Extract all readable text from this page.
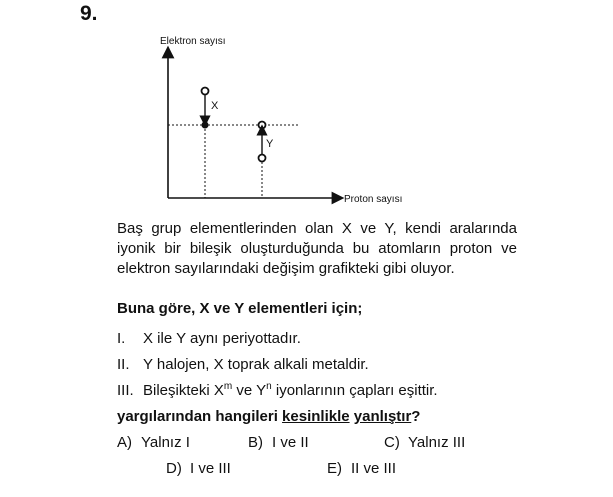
9.
Elektron sayısı
Proton sayısı
X
Y
Baş grup elementlerinden olan X ve Y, kendi aralarında iyonik bir bileşik oluşturduğunda bu atomların proton ve elektron sayılarındaki değişim grafikteki gibi oluyor.
Buna göre, X ve Y elementleri için;
I. X ile Y aynı periyottadır.
II. Y halojen, X toprak alkali metaldir.
III. Bileşikteki $X^m$ ve $Y^n$ iyonlarının çapları eşittir.
yargılarından hangileri kesinlikle yanlıştır?
A) Yalnız I	B) I ve II	C) Yalnız III
D) I ve III	E) II ve III
